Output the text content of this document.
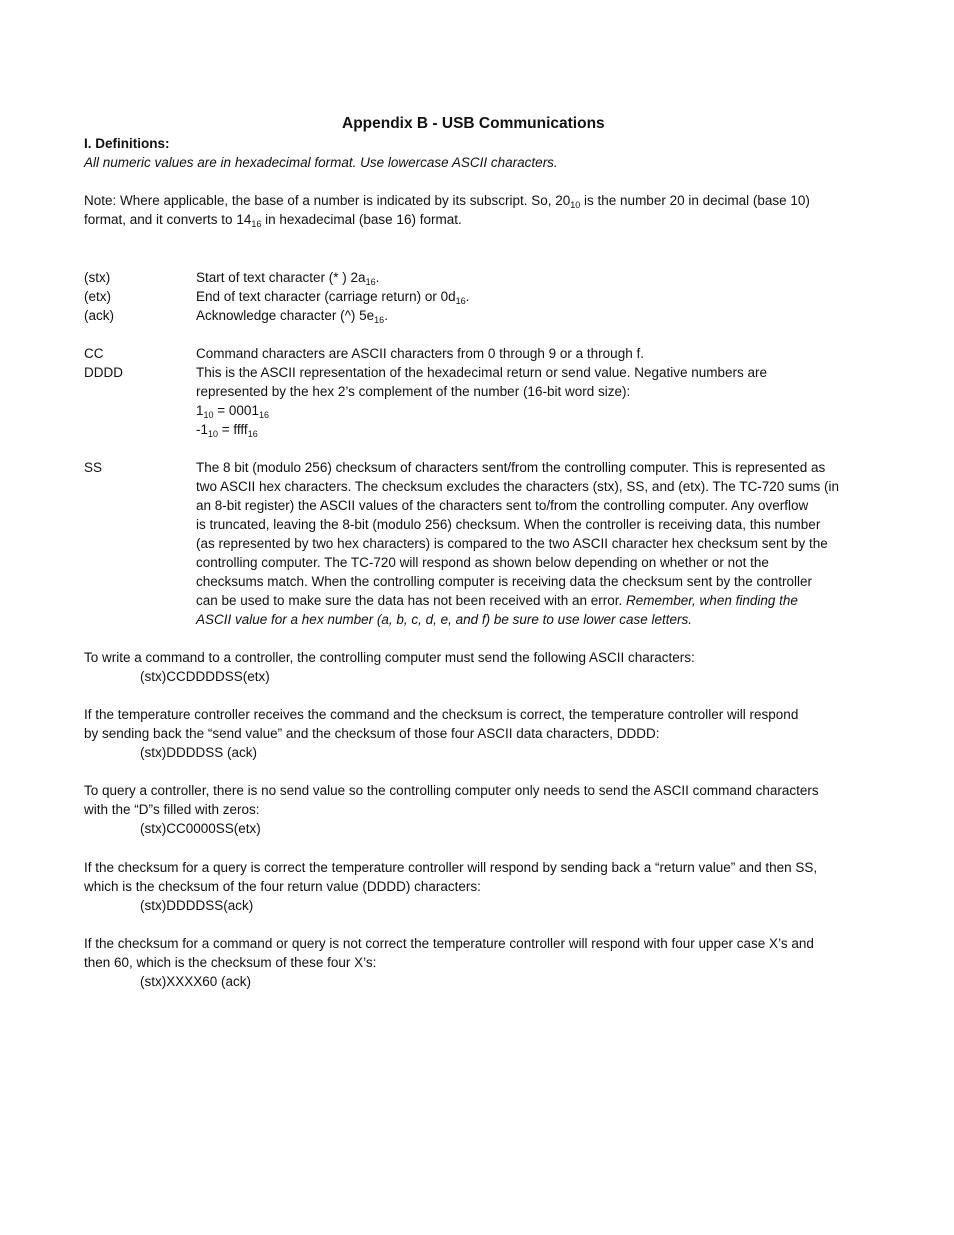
Appendix B - USB Communications
I. Definitions:
All numeric values are in hexadecimal format. Use lowercase ASCII characters.
Note: Where applicable, the base of a number is indicated by its subscript. So, $20_{10}$ is the number 20 in decimal (base 10)
format, and it converts to $14_{16}$ in hexadecimal (base 16) format.
(stx)	Start of text character (* ) $2a_{16}$.
(etx)	End of text character (carriage return) or $0d_{16}$.
(ack)	Acknowledge character (^) $5e_{16}$.
CC	Command characters are ASCII characters from 0 through 9 or a through f.
DDDD	This is the ASCII representation of the hexadecimal return or send value. Negative numbers are
represented by the hex 2’s complement of the number (16-bit word size):
$1_{10} = 0001_{16}$
$-1_{10}$ = ffff$_{16}$
SS	The 8 bit (modulo 256) checksum of characters sent/from the controlling computer. This is represented as
two ASCII hex characters. The checksum excludes the characters (stx), SS, and (etx). The TC-720 sums (in
an 8-bit register) the ASCII values of the characters sent to/from the controlling computer. Any overflow
is truncated, leaving the 8-bit (modulo 256) checksum. When the controller is receiving data, this number
(as represented by two hex characters) is compared to the two ASCII character hex checksum sent by the
controlling computer. The TC-720 will respond as shown below depending on whether or not the
checksums match. When the controlling computer is receiving data the checksum sent by the controller
can be used to make sure the data has not been received with an error. Remember, when finding the
ASCII value for a hex number (a, b, c, d, e, and f) be sure to use lower case letters.
To write a command to a controller, the controlling computer must send the following ASCII characters:
(stx)CCDDDDSS(etx)
If the temperature controller receives the command and the checksum is correct, the temperature controller will respond
by sending back the “send value” and the checksum of those four ASCII data characters, DDDD:
(stx)DDDDSS (ack)
To query a controller, there is no send value so the controlling computer only needs to send the ASCII command characters
with the “D”s filled with zeros:
(stx)CC0000SS(etx)
If the checksum for a query is correct the temperature controller will respond by sending back a “return value” and then SS,
which is the checksum of the four return value (DDDD) characters:
(stx)DDDDSS(ack)
If the checksum for a command or query is not correct the temperature controller will respond with four upper case X’s and
then 60, which is the checksum of these four X’s:
(stx)XXXX60 (ack)
